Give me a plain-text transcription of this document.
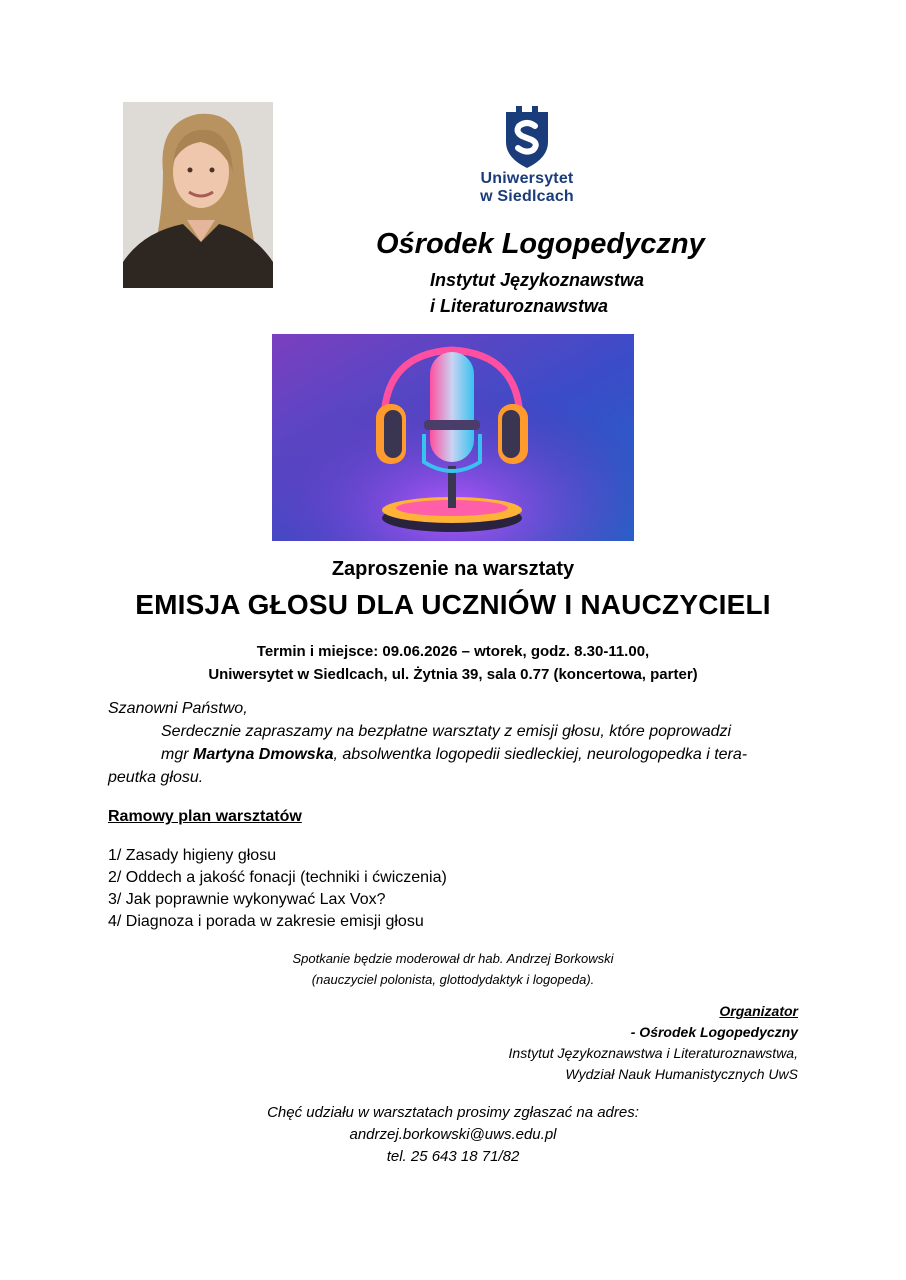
Uniwersytet
w Siedlcach
Ośrodek Logopedyczny
Instytut Językoznawstwa
i Literaturoznawstwa
Zaproszenie na warsztaty
EMISJA GŁOSU DLA UCZNIÓW I NAUCZYCIELI
Termin i miejsce: 09.06.2026 – wtorek, godz. 8.30-11.00,
Uniwersytet w Siedlcach, ul. Żytnia 39, sala 0.77 (koncertowa, parter)
Szanowni Państwo,
Serdecznie zapraszamy na bezpłatne warsztaty z emisji głosu, które poprowadzi
mgr Martyna Dmowska, absolwentka logopedii siedleckiej, neurologopedka i tera-
peutka głosu.
Ramowy plan warsztatów
1/ Zasady higieny głosu
2/ Oddech a jakość fonacji (techniki i ćwiczenia)
3/ Jak poprawnie wykonywać Lax Vox?
4/ Diagnoza i porada w zakresie emisji głosu
Spotkanie będzie moderował dr hab. Andrzej Borkowski
(nauczyciel polonista, glottodydaktyk i logopeda).
Organizator
- Ośrodek Logopedyczny
Instytut Językoznawstwa i Literaturoznawstwa,
Wydział Nauk Humanistycznych UwS
Chęć udziału w warsztatach prosimy zgłaszać na adres:
andrzej.borkowski@uws.edu.pl
tel. 25 643 18 71/82
